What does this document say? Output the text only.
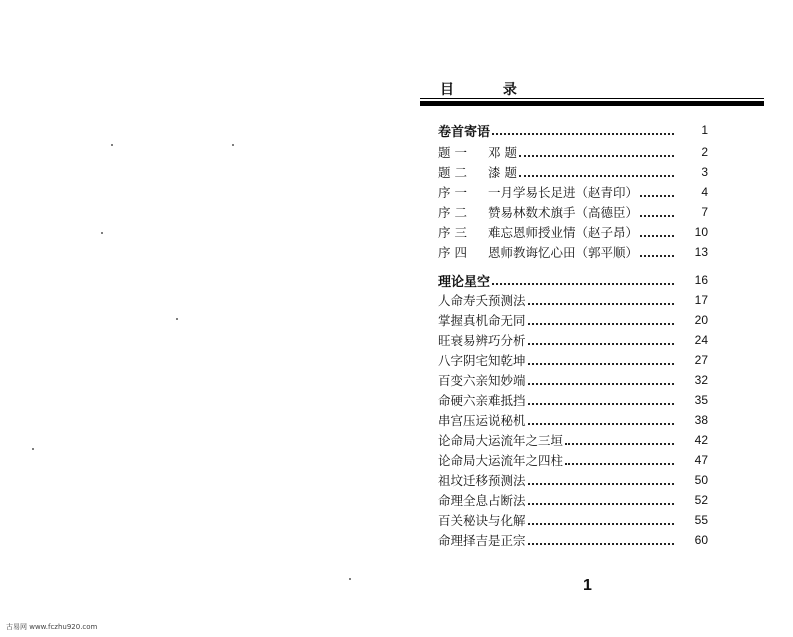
目 录
卷首寄语	1
题一	邓 题	2
题二	漆 题	3
序一	一月学易长足进（赵青印）	4
序二	赞易林数术旗手（高德臣）	7
序三	难忘恩师授业情（赵子昂）	10
序四	恩师教诲忆心田（郭平顺）	13
理论星空	16
人命寿夭预测法	17
掌握真机命无同	20
旺衰易辨巧分析	24
八字阴宅知乾坤	27
百变六亲知妙端	32
命硬六亲难抵挡	35
串宫压运说秘机	38
论命局大运流年之三垣	42
论命局大运流年之四柱	47
祖坟迁移预测法	50
命理全息占断法	52
百关秘诀与化解	55
命理择吉是正宗	60
1
古易网 www.fczhu920.com
